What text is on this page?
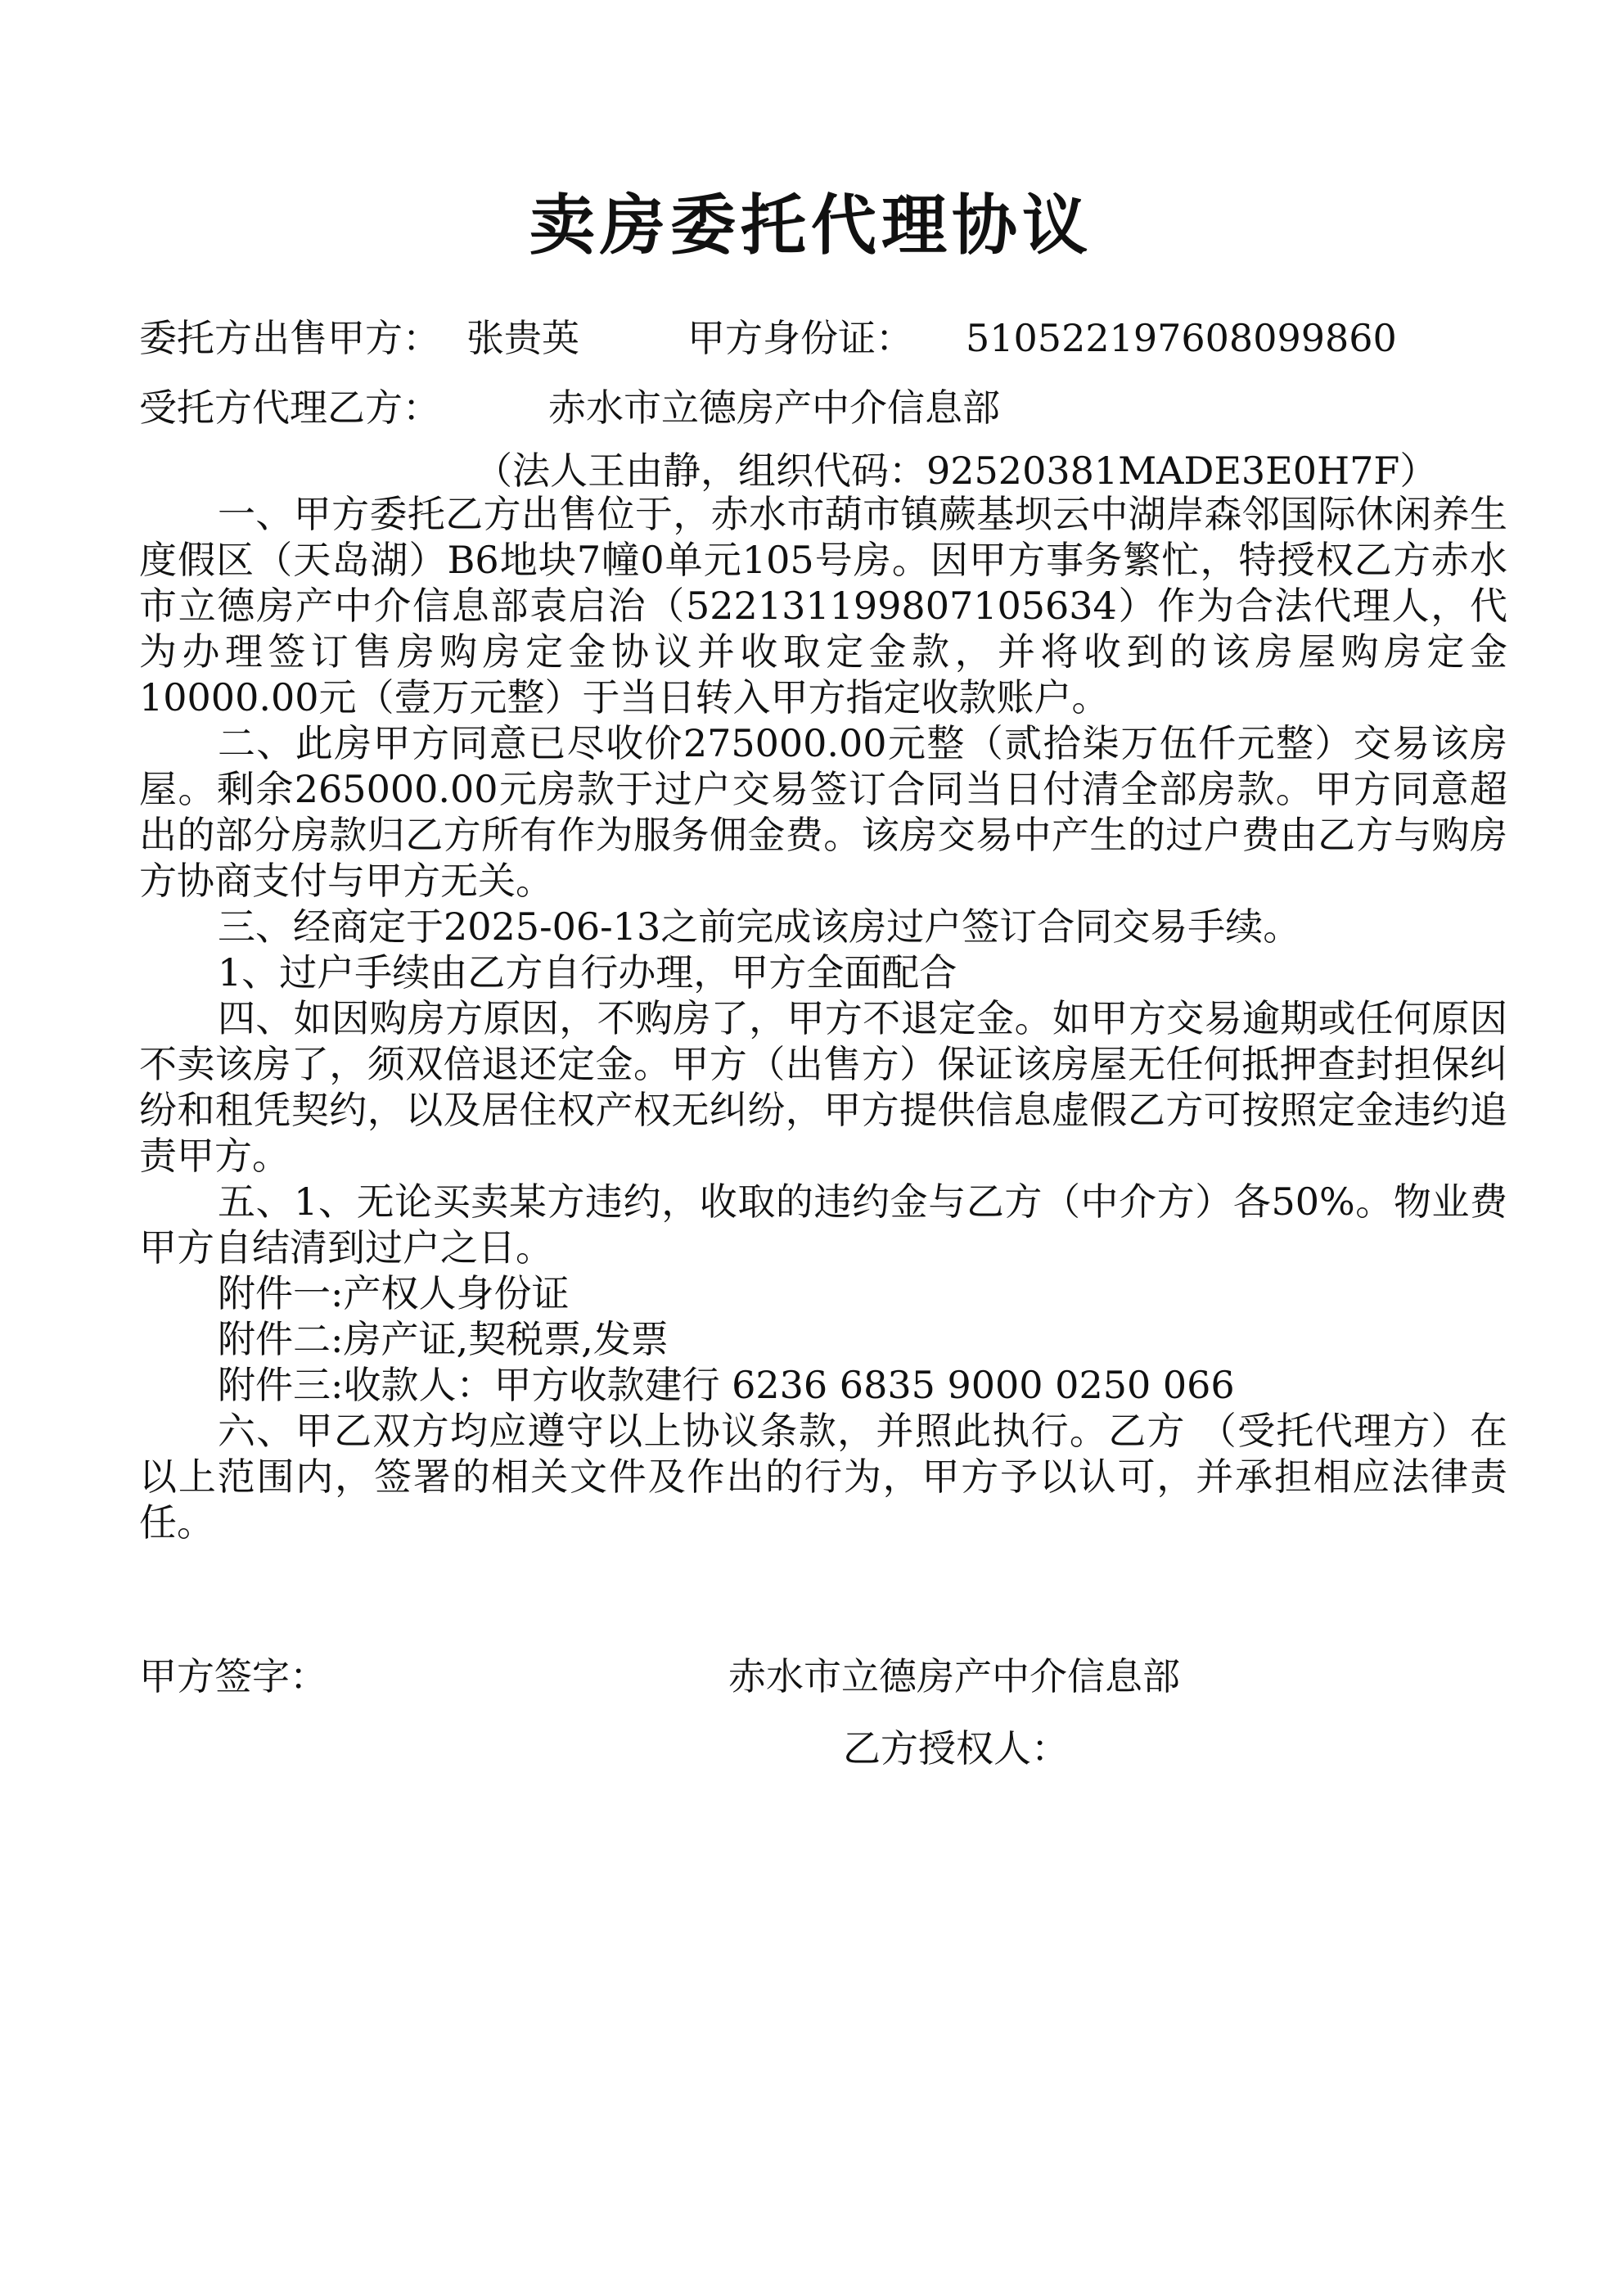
卖房委托代理协议
委托方出售甲方： 张贵英	甲方身份证： 510522197608099860
受托方代理乙方：	赤水市立德房产中介信息部
（法人王由静，组织代码：92520381MADE3E0H7F）

一、甲方委托乙方出售位于，赤水市葫市镇蕨基坝云中湖岸森邻国际休闲养生度假区（天岛湖）B6地块7幢0单元105号房。因甲方事务繁忙，特授权乙方赤水市立德房产中介信息部袁启治（522131199807105634）作为合法代理人，代为办理签订售房购房定金协议并收取定金款，并将收到的该房屋购房定金10000.00元（壹万元整）于当日转入甲方指定收款账户。

二、此房甲方同意已尽收价275000.00元整（贰拾柒万伍仟元整）交易该房屋。剩余265000.00元房款于过户交易签订合同当日付清全部房款。甲方同意超出的部分房款归乙方所有作为服务佣金费。该房交易中产生的过户费由乙方与购房方协商支付与甲方无关。

三、经商定于2025-06-13之前完成该房过户签订合同交易手续。

1、过户手续由乙方自行办理，甲方全面配合

四、如因购房方原因，不购房了，甲方不退定金。如甲方交易逾期或任何原因不卖该房了，须双倍退还定金。甲方（出售方）保证该房屋无任何抵押查封担保纠纷和租凭契约，以及居住权产权无纠纷，甲方提供信息虚假乙方可按照定金违约追责甲方。

五、1、无论买卖某方违约，收取的违约金与乙方（中介方）各50%。物业费甲方自结清到过户之日。

附件一:产权人身份证

附件二:房产证,契税票,发票

附件三:收款人：甲方收款建行 6236 6835 9000 0250 066

六、甲乙双方均应遵守以上协议条款，并照此执行。乙方 （受托代理方）在以上范围内，签署的相关文件及作出的行为，甲方予以认可，并承担相应法律责任。

甲方签字：	赤水市立德房产中介信息部
乙方授权人：
